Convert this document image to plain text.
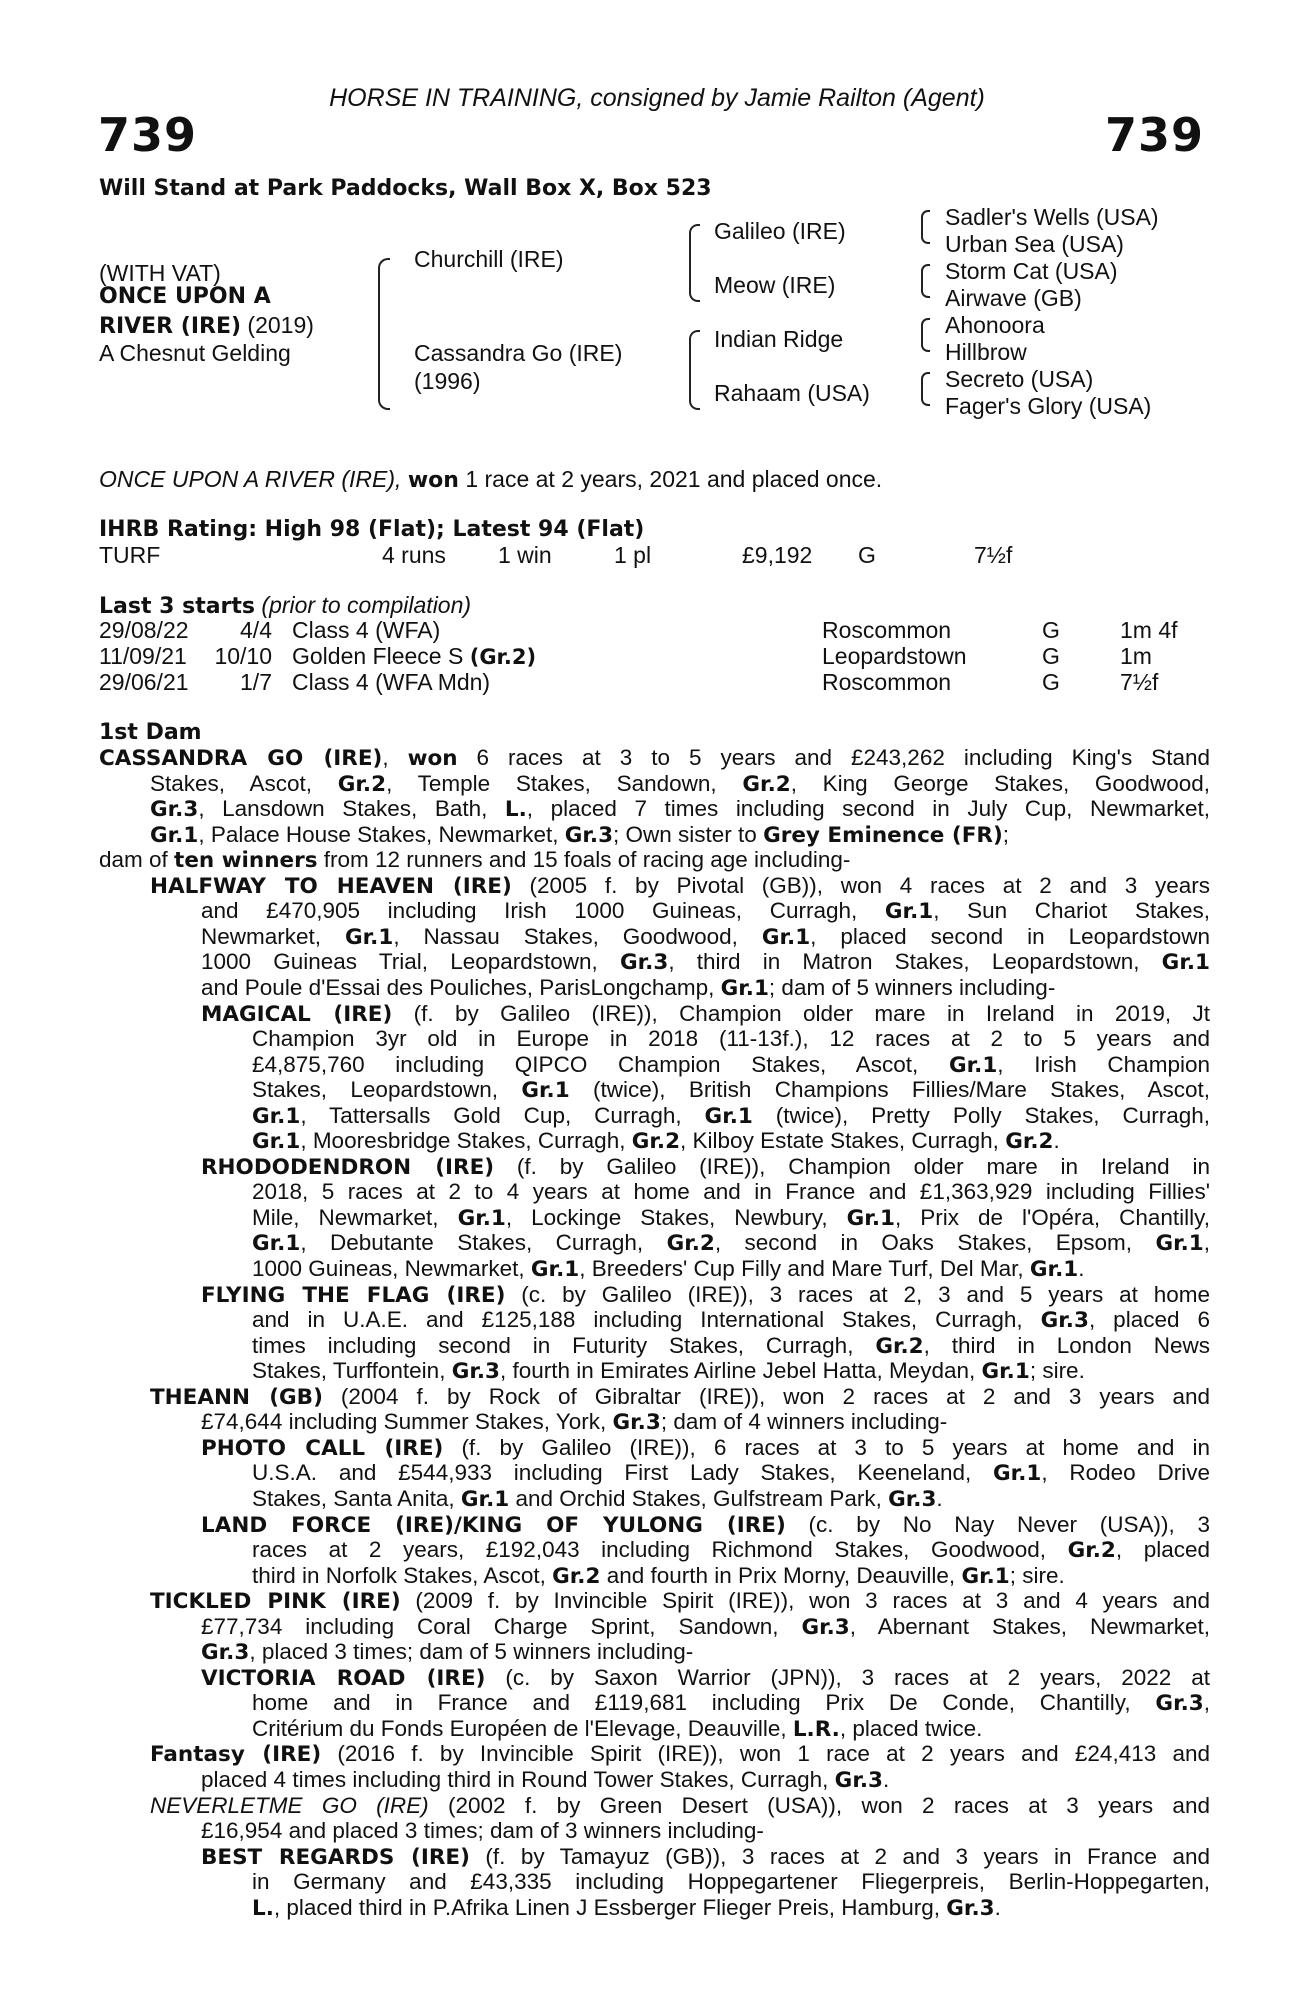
HORSE IN TRAINING, consigned by Jamie Railton (Agent)
739	739
Will Stand at Park Paddocks, Wall Box X, Box 523
(WITH VAT)
ONCE UPON A
RIVER (IRE) (2019)
A Chesnut Gelding
Churchill (IRE)
Cassandra Go (IRE)
(1996)
Galileo (IRE)
Meow (IRE)
Indian Ridge
Rahaam (USA)
Sadler's Wells (USA)
Urban Sea (USA)
Storm Cat (USA)
Airwave (GB)
Ahonoora
Hillbrow
Secreto (USA)
Fager's Glory (USA)
ONCE UPON A RIVER (IRE), won 1 race at 2 years, 2021 and placed once.
IHRB Rating: High 98 (Flat); Latest 94 (Flat)
TURF	4 runs 1 win	1 pl	£9,192 G	7½f
Last 3 starts (prior to compilation)
29/08/22	4/4 Class 4 (WFA)	Roscommon	G	1m 4f
11/09/21 10/10 Golden Fleece S (Gr.2)	Leopardstown	G	1m
29/06/21	1/7 Class 4 (WFA Mdn)	Roscommon	G	7½f
1st Dam
CASSANDRA GO (IRE), won 6 races at 3 to 5 years and £243,262 including King's Stand
Stakes, Ascot, Gr.2, Temple Stakes, Sandown, Gr.2, King George Stakes, Goodwood,
Gr.3, Lansdown Stakes, Bath, L., placed 7 times including second in July Cup, Newmarket,
Gr.1, Palace House Stakes, Newmarket, Gr.3; Own sister to Grey Eminence (FR);
dam of ten winners from 12 runners and 15 foals of racing age including-
HALFWAY TO HEAVEN (IRE) (2005 f. by Pivotal (GB)), won 4 races at 2 and 3 years
and £470,905 including Irish 1000 Guineas, Curragh, Gr.1, Sun Chariot Stakes,
Newmarket, Gr.1, Nassau Stakes, Goodwood, Gr.1, placed second in Leopardstown
1000 Guineas Trial, Leopardstown, Gr.3, third in Matron Stakes, Leopardstown, Gr.1
and Poule d'Essai des Pouliches, ParisLongchamp, Gr.1; dam of 5 winners including-
MAGICAL (IRE) (f. by Galileo (IRE)), Champion older mare in Ireland in 2019, Jt
Champion 3yr old in Europe in 2018 (11-13f.), 12 races at 2 to 5 years and
£4,875,760 including QIPCO Champion Stakes, Ascot, Gr.1, Irish Champion
Stakes, Leopardstown, Gr.1 (twice), British Champions Fillies/Mare Stakes, Ascot,
Gr.1, Tattersalls Gold Cup, Curragh, Gr.1 (twice), Pretty Polly Stakes, Curragh,
Gr.1, Mooresbridge Stakes, Curragh, Gr.2, Kilboy Estate Stakes, Curragh, Gr.2.
RHODODENDRON (IRE) (f. by Galileo (IRE)), Champion older mare in Ireland in
2018, 5 races at 2 to 4 years at home and in France and £1,363,929 including Fillies'
Mile, Newmarket, Gr.1, Lockinge Stakes, Newbury, Gr.1, Prix de l'Opéra, Chantilly,
Gr.1, Debutante Stakes, Curragh, Gr.2, second in Oaks Stakes, Epsom, Gr.1,
1000 Guineas, Newmarket, Gr.1, Breeders' Cup Filly and Mare Turf, Del Mar, Gr.1.
FLYING THE FLAG (IRE) (c. by Galileo (IRE)), 3 races at 2, 3 and 5 years at home
and in U.A.E. and £125,188 including International Stakes, Curragh, Gr.3, placed 6
times including second in Futurity Stakes, Curragh, Gr.2, third in London News
Stakes, Turffontein, Gr.3, fourth in Emirates Airline Jebel Hatta, Meydan, Gr.1; sire.
THEANN (GB) (2004 f. by Rock of Gibraltar (IRE)), won 2 races at 2 and 3 years and
£74,644 including Summer Stakes, York, Gr.3; dam of 4 winners including-
PHOTO CALL (IRE) (f. by Galileo (IRE)), 6 races at 3 to 5 years at home and in
U.S.A. and £544,933 including First Lady Stakes, Keeneland, Gr.1, Rodeo Drive
Stakes, Santa Anita, Gr.1 and Orchid Stakes, Gulfstream Park, Gr.3.
LAND FORCE (IRE)/KING OF YULONG (IRE) (c. by No Nay Never (USA)), 3
races at 2 years, £192,043 including Richmond Stakes, Goodwood, Gr.2, placed
third in Norfolk Stakes, Ascot, Gr.2 and fourth in Prix Morny, Deauville, Gr.1; sire.
TICKLED PINK (IRE) (2009 f. by Invincible Spirit (IRE)), won 3 races at 3 and 4 years and
£77,734 including Coral Charge Sprint, Sandown, Gr.3, Abernant Stakes, Newmarket,
Gr.3, placed 3 times; dam of 5 winners including-
VICTORIA ROAD (IRE) (c. by Saxon Warrior (JPN)), 3 races at 2 years, 2022 at
home and in France and £119,681 including Prix De Conde, Chantilly, Gr.3,
Critérium du Fonds Européen de l'Elevage, Deauville, L.R., placed twice.
Fantasy (IRE) (2016 f. by Invincible Spirit (IRE)), won 1 race at 2 years and £24,413 and
placed 4 times including third in Round Tower Stakes, Curragh, Gr.3.
NEVERLETME GO (IRE) (2002 f. by Green Desert (USA)), won 2 races at 3 years and
£16,954 and placed 3 times; dam of 3 winners including-
BEST REGARDS (IRE) (f. by Tamayuz (GB)), 3 races at 2 and 3 years in France and
in Germany and £43,335 including Hoppegartener Fliegerpreis, Berlin-Hoppegarten,
L., placed third in P.Afrika Linen J Essberger Flieger Preis, Hamburg, Gr.3.
